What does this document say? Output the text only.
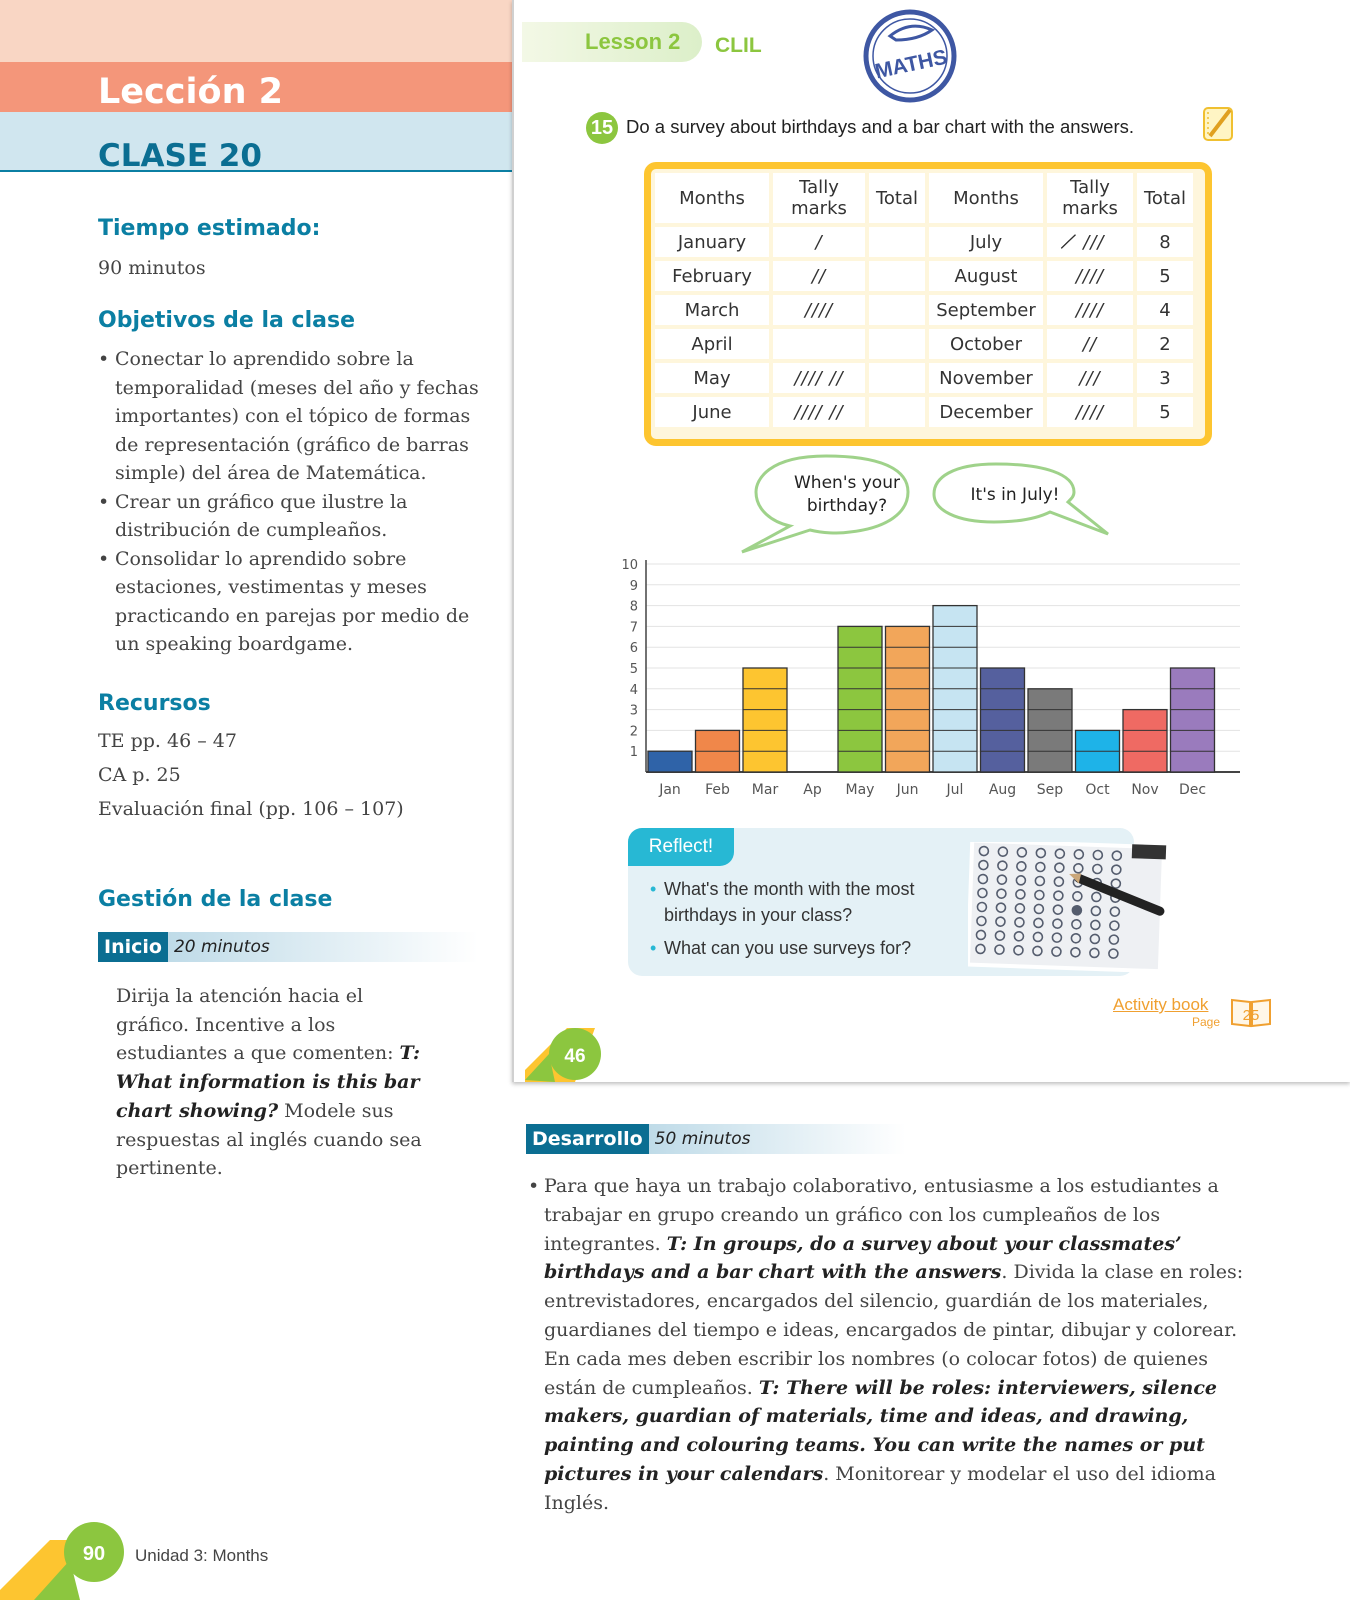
Lección 2
CLASE 20
Tiempo estimado:
90 minutos
Objetivos de la clase
• Conectar lo aprendido sobre la temporalidad (meses del año y fechas importantes) con el tópico de formas de representación (gráfico de barras simple) del área de Matemática.
• Crear un gráfico que ilustre la distribución de cumpleaños.
• Consolidar lo aprendido sobre estaciones, vestimentas y meses practicando en parejas por medio de un speaking boardgame.
Recursos
TE pp. 46 – 47
CA p. 25
Evaluación final (pp. 106 – 107)
Gestión de la clase
Inicio 20 minutos
Dirija la atención hacia el gráfico. Incentive a los estudiantes a que comenten: T: What information is this bar chart showing? Modele sus respuestas al inglés cuando sea pertinente.
Lesson 2 CLIL
MATHS
15 Do a survey about birthdays and a bar chart with the answers.
Months	Tally marks	Total	Months	Tally marks	Total
January	/		July	̸̸̸̸ ///	8
February	//		August	////	5
March	////		September	////	4
April			October	//	2
May	//// //		November	///	3
June	//// //		December	////	5
When's your birthday?
It's in July!
1
2
3
4
5
6
7
8
9
10
Jan Feb Mar Ap May Jun Jul Aug Sep Oct Nov Dec
Reflect!
• What's the month with the most birthdays in your class?
• What can you use surveys for?
Activity book
Page 25
46
Desarrollo 50 minutos
• Para que haya un trabajo colaborativo, entusiasme a los estudiantes a trabajar en grupo creando un gráfico con los cumpleaños de los integrantes. T: In groups, do a survey about your classmates’ birthdays and a bar chart with the answers. Divida la clase en roles: entrevistadores, encargados del silencio, guardián de los materiales, guardianes del tiempo e ideas, encargados de pintar, dibujar y colorear. En cada mes deben escribir los nombres (o colocar fotos) de quienes están de cumpleaños. T: There will be roles: interviewers, silence makers, guardian of materials, time and ideas, and drawing, painting and colouring teams. You can write the names or put pictures in your calendars. Monitorear y modelar el uso del idioma Inglés.
90 Unidad 3: Months
